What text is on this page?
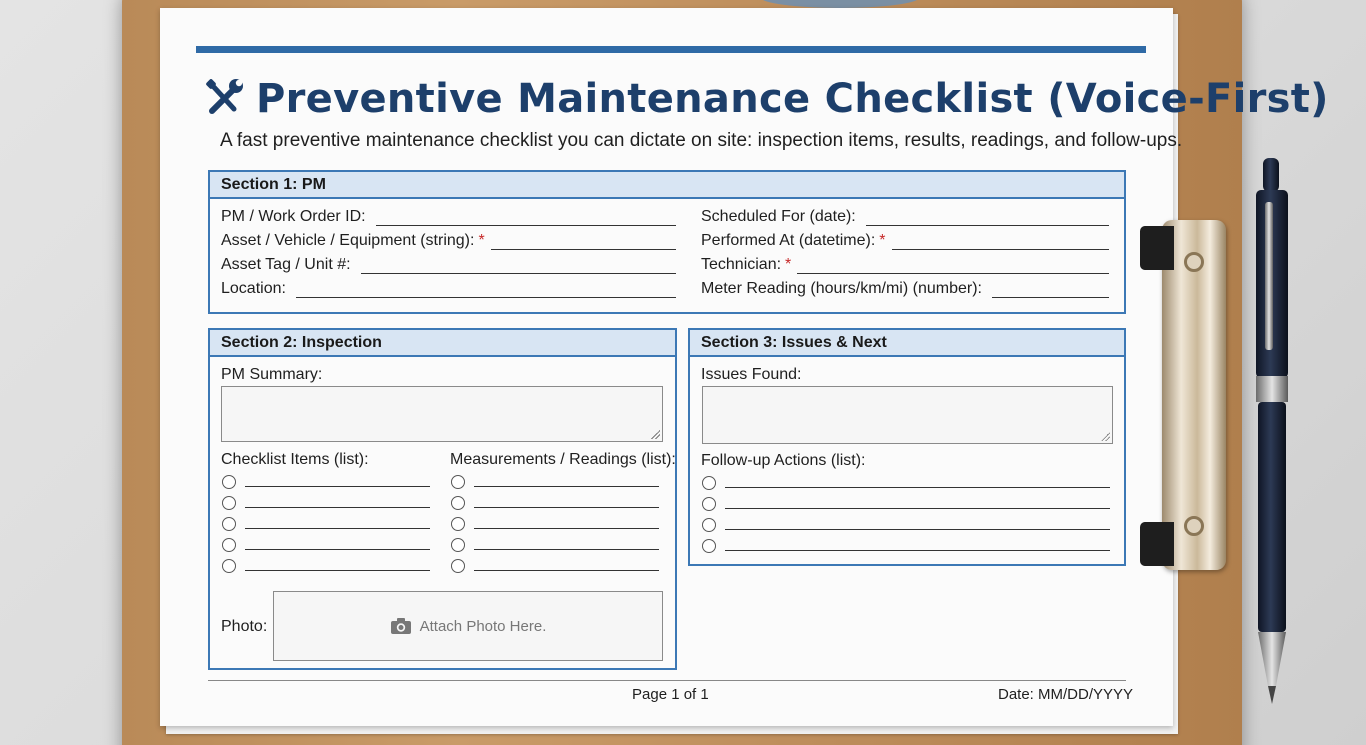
Preventive Maintenance Checklist (Voice-First)
A fast preventive maintenance checklist you can dictate on site: inspection items, results, readings, and follow-ups.
Section 1: PM
PM / Work Order ID:
Asset / Vehicle / Equipment (string): *
Asset Tag / Unit #:
Location:
Scheduled For (date):
Performed At (datetime): *
Technician: *
Meter Reading (hours/km/mi) (number):
Section 2: Inspection
PM Summary:
Checklist Items (list):	Measurements / Readings (list):
Photo:	Attach Photo Here.
Section 3: Issues & Next
Issues Found:
Follow-up Actions (list):
Page 1 of 1	Date: MM/DD/YYYY
